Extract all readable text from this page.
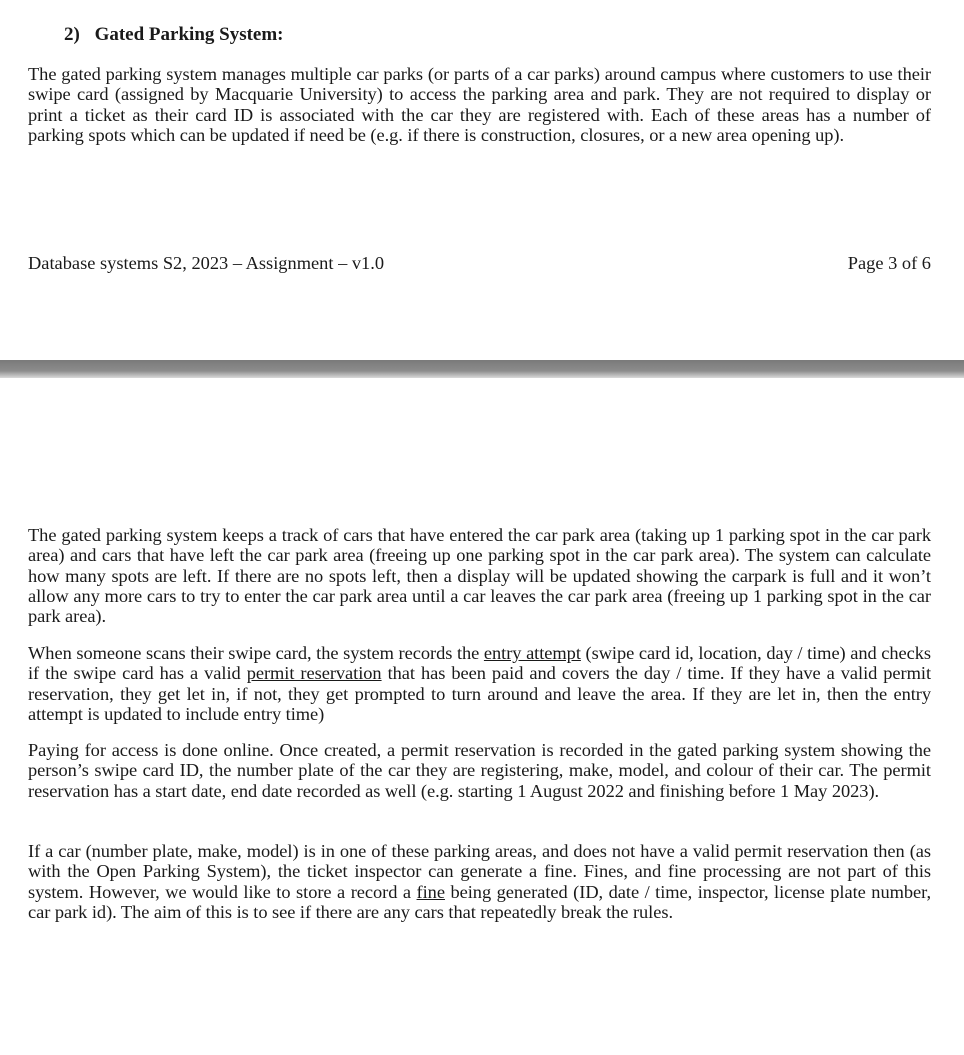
2) Gated Parking System:

The gated parking system manages multiple car parks (or parts of a car parks) around campus where customers to use their swipe card (assigned by Macquarie University) to access the parking area and park. They are not required to display or print a ticket as their card ID is associated with the car they are registered with. Each of these areas has a number of parking spots which can be updated if need be (e.g. if there is construction, closures, or a new area opening up).

Database systems S2, 2023 – Assignment – v1.0	Page 3 of 6

The gated parking system keeps a track of cars that have entered the car park area (taking up 1 parking spot in the car park area) and cars that have left the car park area (freeing up one parking spot in the car park area). The system can calculate how many spots are left. If there are no spots left, then a display will be updated showing the carpark is full and it won’t allow any more cars to try to enter the car park area until a car leaves the car park area (freeing up 1 parking spot in the car park area).

When someone scans their swipe card, the system records the entry attempt (swipe card id, location, day / time) and checks if the swipe card has a valid permit reservation that has been paid and covers the day / time. If they have a valid permit reservation, they get let in, if not, they get prompted to turn around and leave the area. If they are let in, then the entry attempt is updated to include entry time)

Paying for access is done online. Once created, a permit reservation is recorded in the gated parking system showing the person’s swipe card ID, the number plate of the car they are registering, make, model, and colour of their car. The permit reservation has a start date, end date recorded as well (e.g. starting 1 August 2022 and finishing before 1 May 2023).

If a car (number plate, make, model) is in one of these parking areas, and does not have a valid permit reservation then (as with the Open Parking System), the ticket inspector can generate a fine. Fines, and fine processing are not part of this system. However, we would like to store a record a fine being generated (ID, date / time, inspector, license plate number, car park id). The aim of this is to see if there are any cars that repeatedly break the rules.
